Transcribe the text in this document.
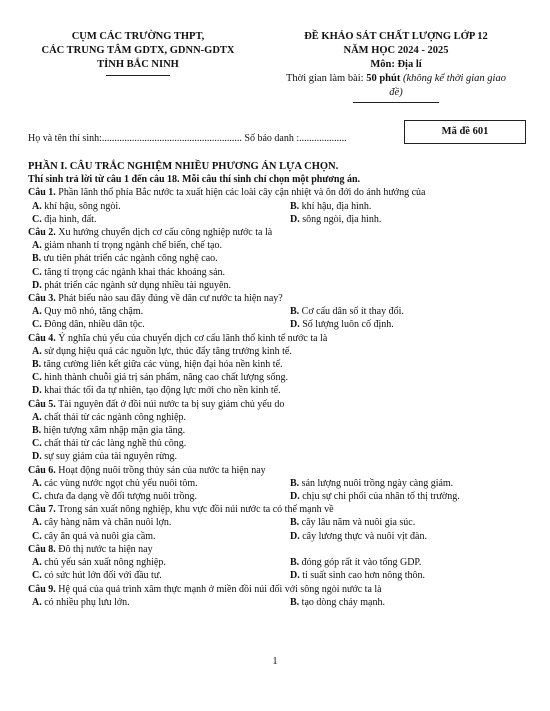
CỤM CÁC TRƯỜNG THPT,
CÁC TRUNG TÂM GDTX, GDNN-GDTX
TỈNH BẮC NINH
ĐỀ KHẢO SÁT CHẤT LƯỢNG LỚP 12
NĂM HỌC 2024 - 2025
Môn: Địa lí
Thời gian làm bài: 50 phút (không kể thời gian giao
đề)
Mã đề 601
Họ và tên thí sinh:........................................................ Số báo danh :...................
PHẦN I. CÂU TRẮC NGHIỆM NHIỀU PHƯƠNG ÁN LỰA CHỌN.
Thí sinh trả lời từ câu 1 đến câu 18. Mỗi câu thí sinh chỉ chọn một phương án.
Câu 1. Phần lãnh thổ phía Bắc nước ta xuất hiện các loài cây cận nhiệt và ôn đới do ảnh hưởng của
A. khí hậu, sông ngòi.	B. khí hậu, địa hình.
C. địa hình, đất.	D. sông ngòi, địa hình.
Câu 2. Xu hướng chuyển dịch cơ cấu công nghiệp nước ta là
A. giảm nhanh tỉ trọng ngành chế biến, chế tạo.
B. ưu tiên phát triển các ngành công nghệ cao.
C. tăng tỉ trọng các ngành khai thác khoáng sản.
D. phát triển các ngành sử dụng nhiều tài nguyên.
Câu 3. Phát biểu nào sau đây đúng về dân cư nước ta hiện nay?
A. Quy mô nhỏ, tăng chậm.	B. Cơ cấu dân số ít thay đổi.
C. Đông dân, nhiều dân tộc.	D. Số lượng luôn cố định.
Câu 4. Ý nghĩa chủ yếu của chuyển dịch cơ cấu lãnh thổ kinh tế nước ta là
A. sử dụng hiệu quả các nguồn lực, thúc đẩy tăng trưởng kinh tế.
B. tăng cường liên kết giữa các vùng, hiện đại hóa nền kinh tế.
C. hình thành chuỗi giá trị sản phẩm, nâng cao chất lượng sống.
D. khai thác tối đa tự nhiên, tạo động lực mới cho nền kinh tế.
Câu 5. Tài nguyên đất ở đồi núi nước ta bị suy giảm chủ yếu do
A. chất thải từ các ngành công nghiệp.
B. hiện tượng xâm nhập mặn gia tăng.
C. chất thải từ các làng nghề thủ công.
D. sự suy giảm của tài nguyên rừng.
Câu 6. Hoạt động nuôi trồng thủy sản của nước ta hiện nay
A. các vùng nước ngọt chủ yếu nuôi tôm.	B. sản lượng nuôi trồng ngày càng giảm.
C. chưa đa dạng về đối tượng nuôi trồng.	D. chịu sự chi phối của nhân tố thị trường.
Câu 7. Trong sản xuất nông nghiệp, khu vực đồi núi nước ta có thế mạnh về
A. cây hàng năm và chăn nuôi lợn.	B. cây lâu năm và nuôi gia súc.
C. cây ăn quả và nuôi gia cầm.	D. cây lương thực và nuôi vịt đàn.
Câu 8. Đô thị nước ta hiện nay
A. chủ yếu sản xuất nông nghiệp.	B. đóng góp rất ít vào tổng GDP.
C. có sức hút lớn đối với đầu tư.	D. tỉ suất sinh cao hơn nông thôn.
Câu 9. Hệ quả của quá trình xâm thực mạnh ở miền đồi núi đối với sông ngòi nước ta là
A. có nhiều phụ lưu lớn.	B. tạo dòng chảy mạnh.
1
